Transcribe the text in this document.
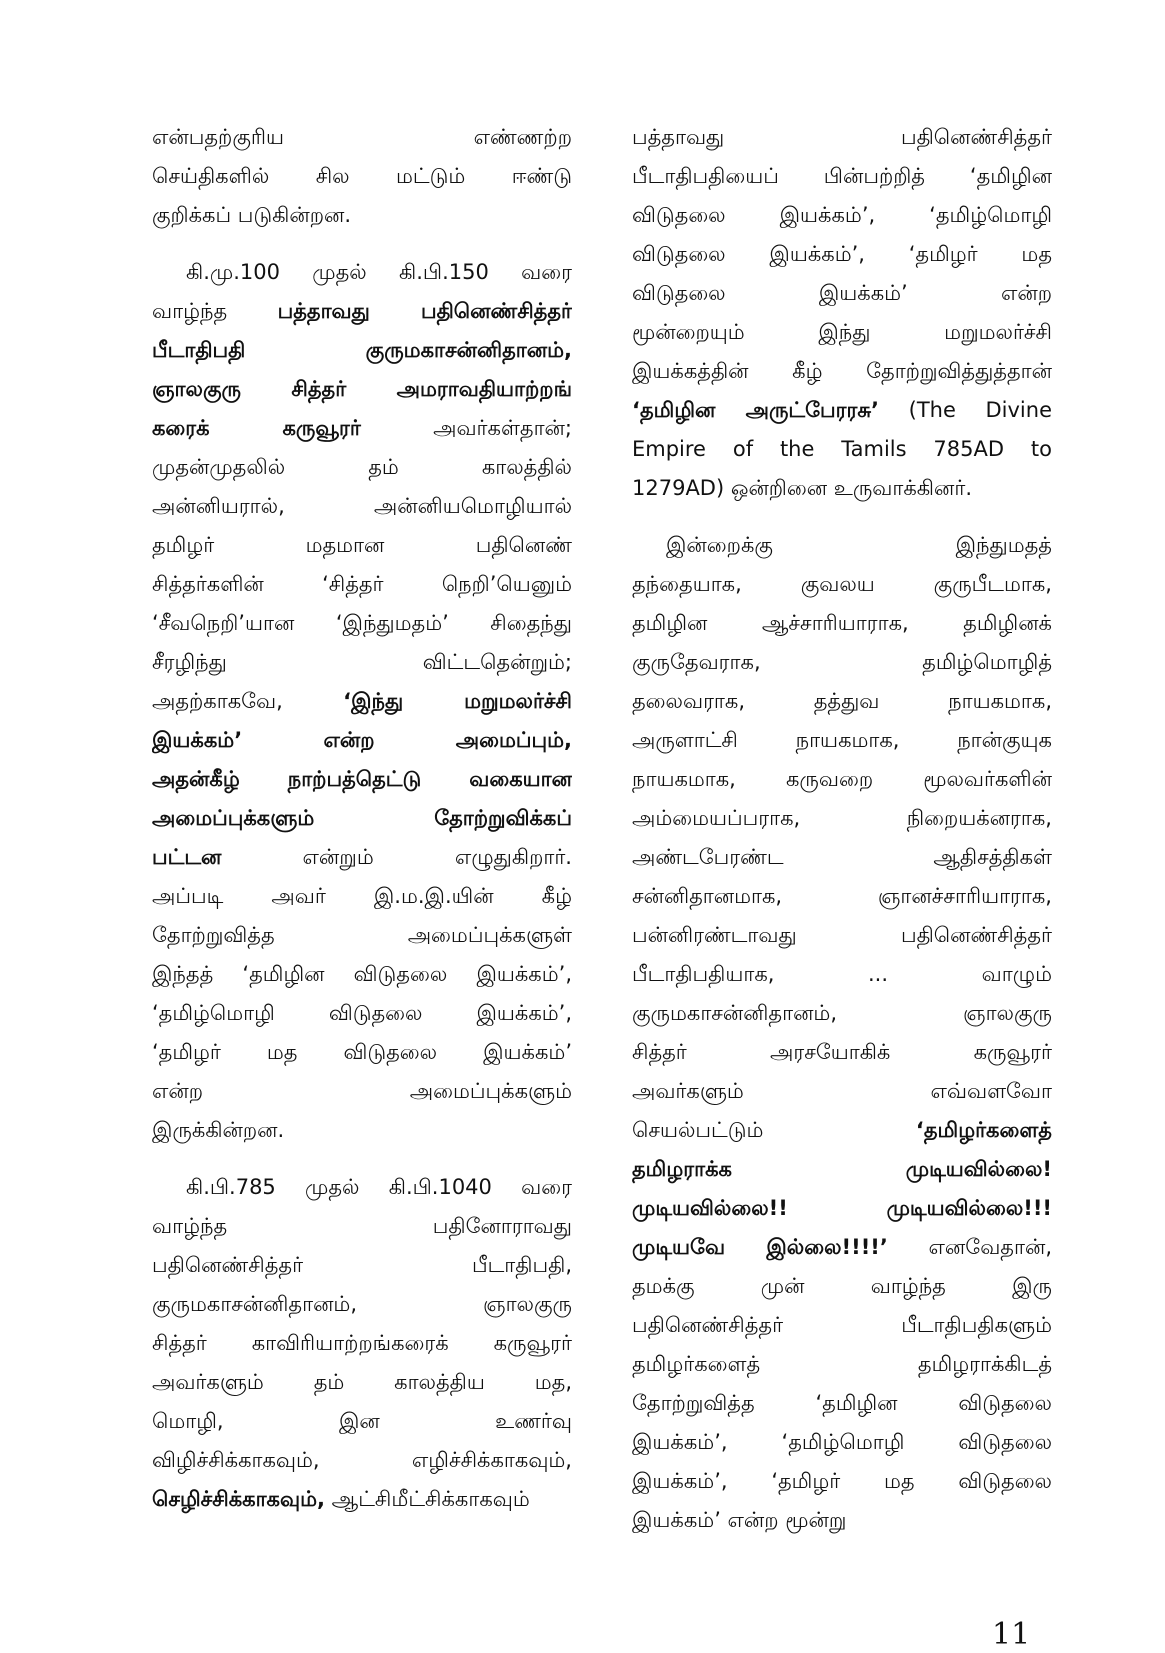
என்பதற்குரிய எண்ணற்ற
செய்திகளில் சில மட்டும் ஈண்டு
குறிக்கப் படுகின்றன.
கி.மு.100 முதல் கி.பி.150 வரை
வாழ்ந்த பத்தாவது பதினெண்சித்தர்
பீடாதிபதி குருமகாசன்னிதானம்,
ஞாலகுரு சித்தர் அமராவதியாற்றங்
கரைக் கருவூரர் அவர்கள்தான்;
முதன்முதலில் தம் காலத்தில்
அன்னியரால், அன்னியமொழியால்
தமிழர் மதமான பதினெண்
சித்தர்களின் ‘சித்தர் நெறி’யெனும்
‘சீவநெறி’யான ‘இந்துமதம்’ சிதைந்து
சீரழிந்து விட்டதென்றும்;
அதற்காகவே, ‘இந்து மறுமலர்ச்சி
இயக்கம்’ என்ற அமைப்பும்,
அதன்கீழ் நாற்பத்தெட்டு வகையான
அமைப்புக்களும் தோற்றுவிக்கப்
பட்டன என்றும் எழுதுகிறார்.
அப்படி அவர் இ.ம.இ.யின் கீழ்
தோற்றுவித்த அமைப்புக்களுள்
இந்தத் ‘தமிழின விடுதலை இயக்கம்’,
‘தமிழ்மொழி விடுதலை இயக்கம்’,
‘தமிழர் மத விடுதலை இயக்கம்’
என்ற அமைப்புக்களும்
இருக்கின்றன.
கி.பி.785 முதல் கி.பி.1040 வரை
வாழ்ந்த பதினோராவது
பதினெண்சித்தர் பீடாதிபதி,
குருமகாசன்னிதானம், ஞாலகுரு
சித்தர் காவிரியாற்றங்கரைக் கருவூரர்
அவர்களும் தம் காலத்திய மத,
மொழி, இன உணர்வு
விழிச்சிக்காகவும், எழிச்சிக்காகவும்,
செழிச்சிக்காகவும், ஆட்சிமீட்சிக்காகவும்
பத்தாவது பதினெண்சித்தர்
பீடாதிபதியைப் பின்பற்றித் ‘தமிழின
விடுதலை இயக்கம்’, ‘தமிழ்மொழி
விடுதலை இயக்கம்’, ‘தமிழர் மத
விடுதலை இயக்கம்’ என்ற
மூன்றையும் இந்து மறுமலர்ச்சி
இயக்கத்தின் கீழ் தோற்றுவித்துத்தான்
‘தமிழின அருட்பேரரசு’ (The Divine
Empire of the Tamils 785AD to
1279AD) ஒன்றினை உருவாக்கினர்.
இன்றைக்கு இந்துமதத்
தந்தையாக, குவலய குருபீடமாக,
தமிழின ஆச்சாரியாராக, தமிழினக்
குருதேவராக, தமிழ்மொழித்
தலைவராக, தத்துவ நாயகமாக,
அருளாட்சி நாயகமாக, நான்குயுக
நாயகமாக, கருவறை மூலவர்களின்
அம்மையப்பராக, நிறையக்னராக,
அண்டபேரண்ட ஆதிசத்திகள்
சன்னிதானமாக, ஞானச்சாரியாராக,
பன்னிரண்டாவது பதினெண்சித்தர்
பீடாதிபதியாக, ... வாழும்
குருமகாசன்னிதானம், ஞாலகுரு
சித்தர் அரசயோகிக் கருவூரர்
அவர்களும் எவ்வளவோ
செயல்பட்டும் ‘தமிழர்களைத்
தமிழராக்க முடியவில்லை!
முடியவில்லை!! முடியவில்லை!!!
முடியவே இல்லை!!!!’ எனவேதான்,
தமக்கு முன் வாழ்ந்த இரு
பதினெண்சித்தர் பீடாதிபதிகளும்
தமிழர்களைத் தமிழராக்கிடத்
தோற்றுவித்த ‘தமிழின விடுதலை
இயக்கம்’, ‘தமிழ்மொழி விடுதலை
இயக்கம்’, ‘தமிழர் மத விடுதலை
இயக்கம்’ என்ற மூன்று
11
